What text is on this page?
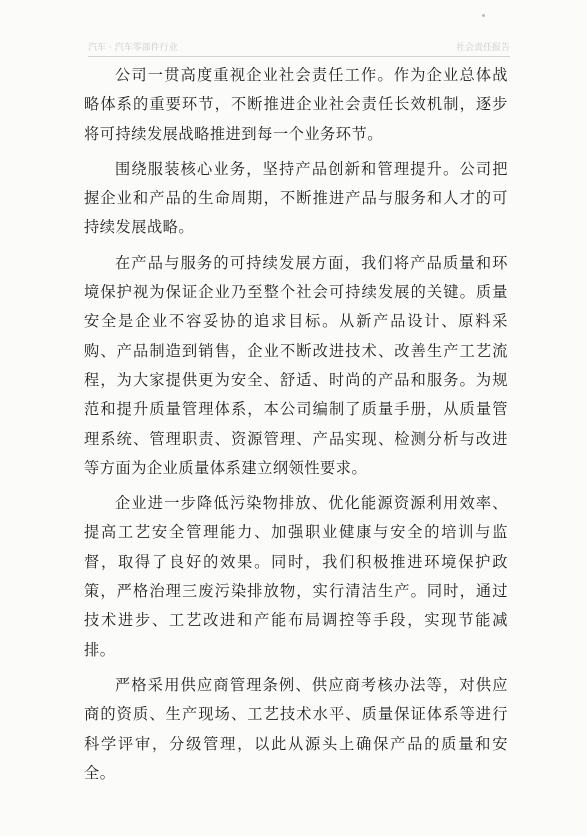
汽车 · 汽车零部件行业	社会责任报告

公司一贯高度重视企业社会责任工作。作为企业总体战略体系的重要环节，不断推进企业社会责任长效机制，逐步将可持续发展战略推进到每一个业务环节。

围绕服装核心业务，坚持产品创新和管理提升。公司把握企业和产品的生命周期，不断推进产品与服务和人才的可持续发展战略。

在产品与服务的可持续发展方面，我们将产品质量和环境保护视为保证企业乃至整个社会可持续发展的关键。质量安全是企业不容妥协的追求目标。从新产品设计、原料采购、产品制造到销售，企业不断改进技术、改善生产工艺流程，为大家提供更为安全、舒适、时尚的产品和服务。为规范和提升质量管理体系，本公司编制了质量手册，从质量管理系统、管理职责、资源管理、产品实现、检测分析与改进等方面为企业质量体系建立纲领性要求。

企业进一步降低污染物排放、优化能源资源利用效率、提高工艺安全管理能力、加强职业健康与安全的培训与监督，取得了良好的效果。同时，我们积极推进环境保护政策，严格治理三废污染排放物，实行清洁生产。同时，通过技术进步、工艺改进和产能布局调控等手段，实现节能减排。

严格采用供应商管理条例、供应商考核办法等，对供应商的资质、生产现场、工艺技术水平、质量保证体系等进行科学评审，分级管理，以此从源头上确保产品的质量和安全。
